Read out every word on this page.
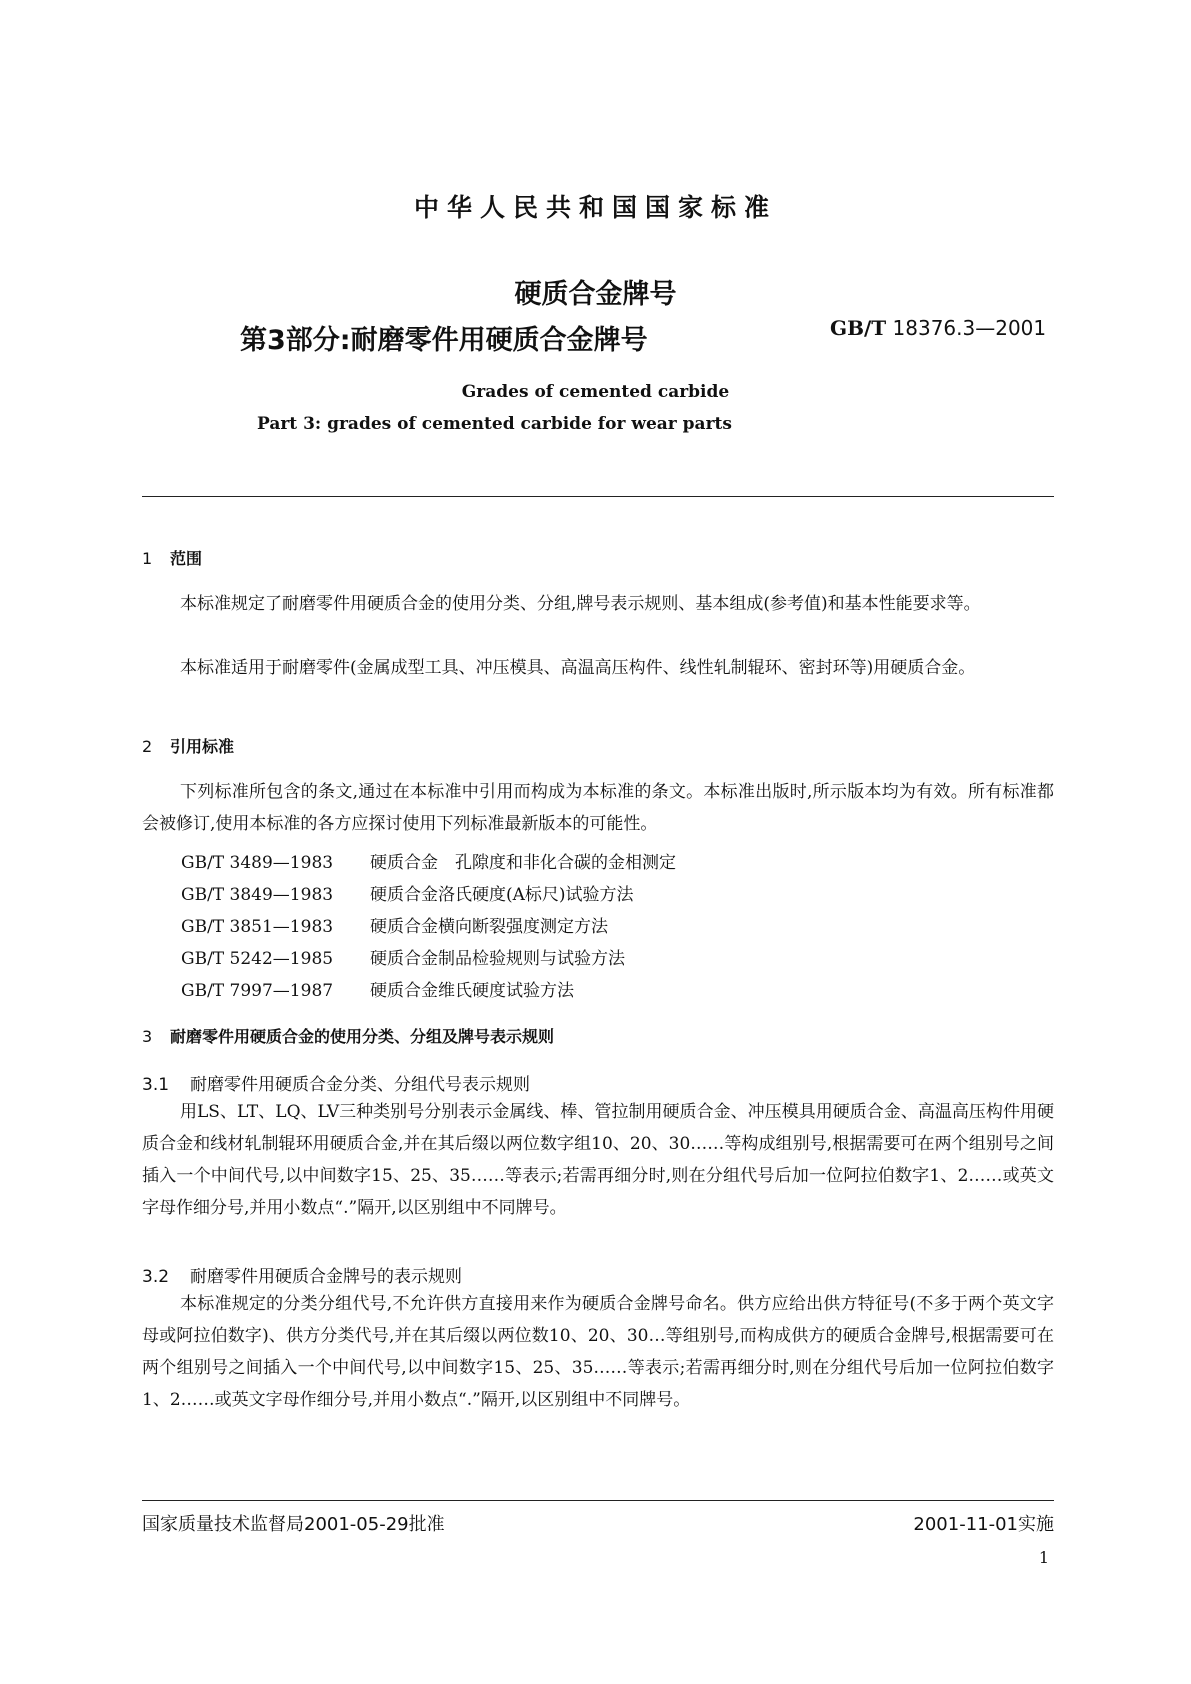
中华人民共和国国家标准
硬质合金牌号
第3部分:耐磨零件用硬质合金牌号	GB/T 18376.3—2001
Grades of cemented carbide
Part 3: grades of cemented carbide for wear parts
1 范围
本标准规定了耐磨零件用硬质合金的使用分类、分组,牌号表示规则、基本组成(参考值)和基本性能要求等。
本标准适用于耐磨零件(金属成型工具、冲压模具、高温高压构件、线性轧制辊环、密封环等)用硬质合金。
2 引用标准
下列标准所包含的条文,通过在本标准中引用而构成为本标准的条文。本标准出版时,所示版本均为有效。所有标准都会被修订,使用本标准的各方应探讨使用下列标准最新版本的可能性。
GB/T 3489—1983 硬质合金　孔隙度和非化合碳的金相测定
GB/T 3849—1983 硬质合金洛氏硬度(A标尺)试验方法
GB/T 3851—1983 硬质合金横向断裂强度测定方法
GB/T 5242—1985 硬质合金制品检验规则与试验方法
GB/T 7997—1987 硬质合金维氏硬度试验方法
3 耐磨零件用硬质合金的使用分类、分组及牌号表示规则
3.1 耐磨零件用硬质合金分类、分组代号表示规则
用LS、LT、LQ、LV三种类别号分别表示金属线、棒、管拉制用硬质合金、冲压模具用硬质合金、高温高压构件用硬质合金和线材轧制辊环用硬质合金,并在其后缀以两位数字组10、20、30……等构成组别号,根据需要可在两个组别号之间插入一个中间代号,以中间数字15、25、35……等表示;若需再细分时,则在分组代号后加一位阿拉伯数字1、2……或英文字母作细分号,并用小数点“.”隔开,以区别组中不同牌号。
3.2 耐磨零件用硬质合金牌号的表示规则
本标准规定的分类分组代号,不允许供方直接用来作为硬质合金牌号命名。供方应给出供方特征号(不多于两个英文字母或阿拉伯数字)、供方分类代号,并在其后缀以两位数10、20、30…等组别号,而构成供方的硬质合金牌号,根据需要可在两个组别号之间插入一个中间代号,以中间数字15、25、35……等表示;若需再细分时,则在分组代号后加一位阿拉伯数字1、2……或英文字母作细分号,并用小数点“.”隔开,以区别组中不同牌号。
国家质量技术监督局2001-05-29批准	2001-11-01实施
1
